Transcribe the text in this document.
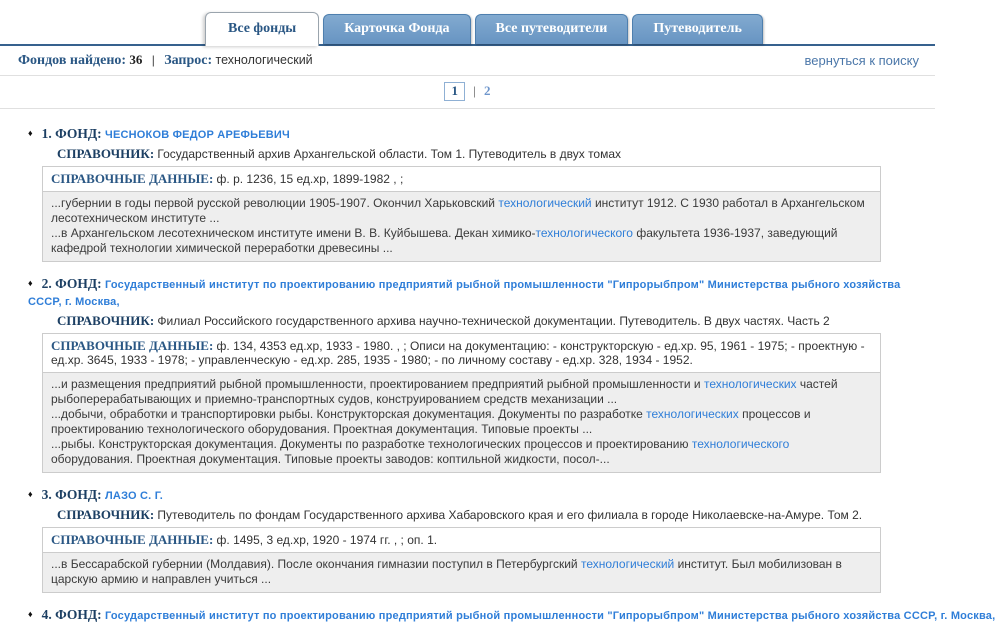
Все фонды	Карточка Фонда	Все путеводители	Путеводитель
Фондов найдено: 36 | Запрос: технологический	вернуться к поиску
1 | 2
♦ 1. ФОНД: ЧЕСНОКОВ ФЕДОР АРЕФЬЕВИЧ
СПРАВОЧНИК: Государственный архив Архангельской области. Том 1. Путеводитель в двух томах
СПРАВОЧНЫЕ ДАННЫЕ: ф. р. 1236, 15 ед.хр, 1899-1982 , ;
...губернии в годы первой русской революции 1905-1907. Окончил Харьковский технологический институт 1912. С 1930 работал в Архангельском лесотехническом институте ...
...в Архангельском лесотехническом институте имени В. В. Куйбышева. Декан химико-технологического факультета 1936-1937, заведующий кафедрой технологии химической переработки древесины ...
♦ 2. ФОНД: Государственный институт по проектированию предприятий рыбной промышленности "Гипрорыбпром" Министерства рыбного хозяйства СССР, г. Москва,
СПРАВОЧНИК: Филиал Российского государственного архива научно-технической документации. Путеводитель. В двух частях. Часть 2
СПРАВОЧНЫЕ ДАННЫЕ: ф. 134, 4353 ед.хр, 1933 - 1980. , ; Описи на документацию: - конструкторскую - ед.хр. 95, 1961 - 1975; - проектную - ед.хр. 3645, 1933 - 1978; - управленческую - ед.хр. 285, 1935 - 1980; - по личному составу - ед.хр. 328, 1934 - 1952.
...и размещения предприятий рыбной промышленности, проектированием предприятий рыбной промышленности и технологических частей рыбоперерабатывающих и приемно-транспортных судов, конструированием средств механизации ...
...добычи, обработки и транспортировки рыбы. Конструкторская документация. Документы по разработке технологических процессов и проектированию технологического оборудования. Проектная документация. Типовые проекты ...
...рыбы. Конструкторская документация. Документы по разработке технологических процессов и проектированию технологического оборудования. Проектная документация. Типовые проекты заводов: коптильной жидкости, посол-...
♦ 3. ФОНД: ЛАЗО С. Г.
СПРАВОЧНИК: Путеводитель по фондам Государственного архива Хабаровского края и его филиала в городе Николаевске-на-Амуре. Том 2.
СПРАВОЧНЫЕ ДАННЫЕ: ф. 1495, 3 ед.хр, 1920 - 1974 гг. , ; оп. 1.
...в Бессарабской губернии (Молдавия). После окончания гимназии поступил в Петербургский технологический институт. Был мобилизован в царскую армию и направлен учиться ...
♦ 4. ФОНД: Государственный институт по проектированию предприятий рыбной промышленности "Гипрорыбпром" Министерства рыбного хозяйства СССР, г. Москва,
